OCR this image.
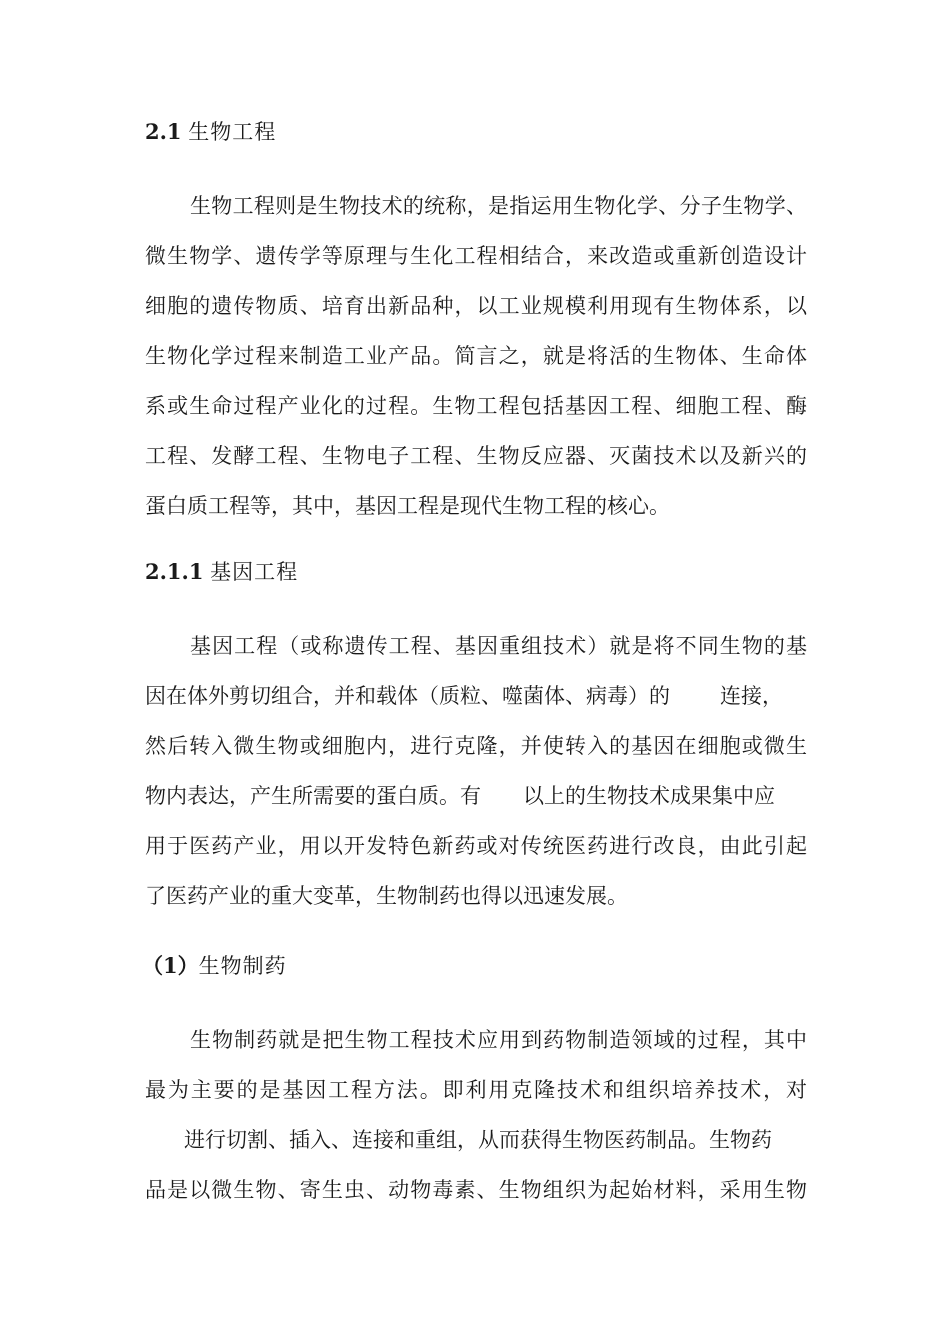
2.1 生物工程
生物工程则是生物技术的统称，是指运用生物化学、分子生物学、
微生物学、遗传学等原理与生化工程相结合，来改造或重新创造设计
细胞的遗传物质、培育出新品种，以工业规模利用现有生物体系，以
生物化学过程来制造工业产品。简言之，就是将活的生物体、生命体
系或生命过程产业化的过程。生物工程包括基因工程、细胞工程、酶
工程、发酵工程、生物电子工程、生物反应器、灭菌技术以及新兴的
蛋白质工程等，其中，基因工程是现代生物工程的核心。
2.1.1 基因工程
基因工程（或称遗传工程、基因重组技术）就是将不同生物的基
因在体外剪切组合，并和载体（质粒、噬菌体、病毒）的 连接，
然后转入微生物或细胞内，进行克隆，并使转入的基因在细胞或微生
物内表达，产生所需要的蛋白质。有 以上的生物技术成果集中应
用于医药产业，用以开发特色新药或对传统医药进行改良，由此引起
了医药产业的重大变革，生物制药也得以迅速发展。
（1）生物制药
生物制药就是把生物工程技术应用到药物制造领域的过程，其中
最为主要的是基因工程方法。即利用克隆技术和组织培养技术，对
进行切割、插入、连接和重组，从而获得生物医药制品。生物药
品是以微生物、寄生虫、动物毒素、生物组织为起始材料，采用生物
